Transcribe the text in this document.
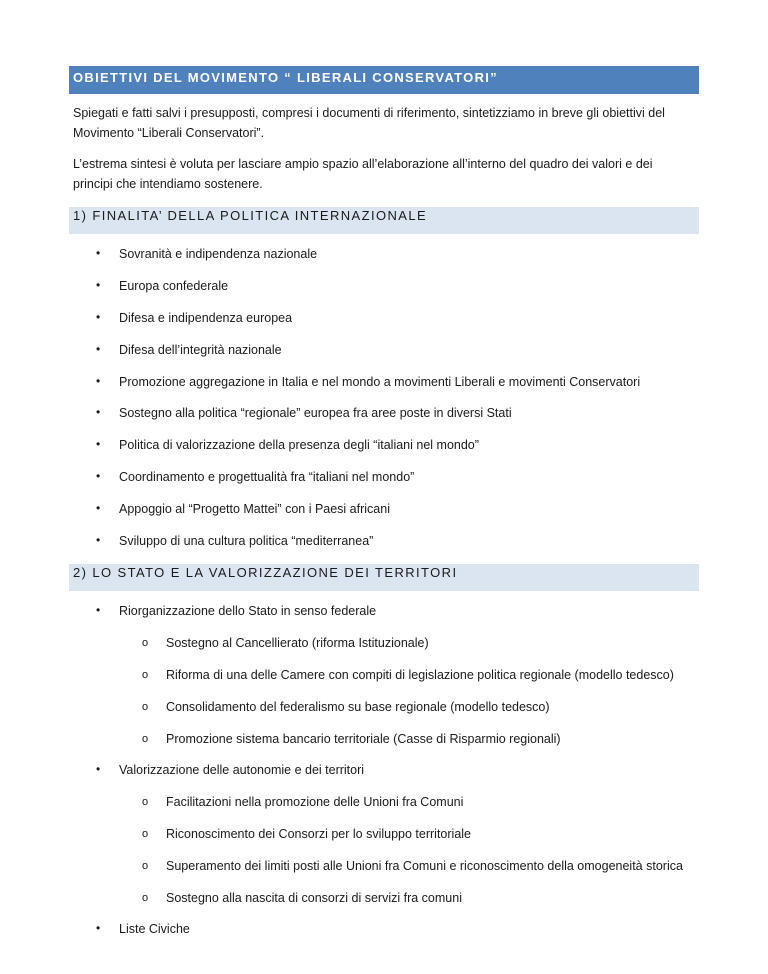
OBIETTIVI DEL MOVIMENTO “ LIBERALI CONSERVATORI”
Spiegati e fatti salvi i presupposti, compresi i documenti di riferimento, sintetizziamo in breve gli obiettivi del Movimento “Liberali Conservatori”.
L’estrema sintesi è voluta per lasciare ampio spazio all’elaborazione all’interno del quadro dei valori e dei principi che intendiamo sostenere.
1) FINALITA’ DELLA POLITICA INTERNAZIONALE
• Sovranità e indipendenza nazionale
• Europa confederale
• Difesa e indipendenza europea
• Difesa dell’integrità nazionale
• Promozione aggregazione in Italia e nel mondo a movimenti Liberali e movimenti Conservatori
• Sostegno alla politica “regionale” europea fra aree poste in diversi Stati
• Politica di valorizzazione della presenza degli “italiani nel mondo”
• Coordinamento e progettualità fra “italiani nel mondo”
• Appoggio al “Progetto Mattei” con i Paesi africani
• Sviluppo di una cultura politica “mediterranea”
2) LO STATO E LA VALORIZZAZIONE DEI TERRITORI
• Riorganizzazione dello Stato in senso federale
o Sostegno al Cancellierato (riforma Istituzionale)
o Riforma di una delle Camere con compiti di legislazione politica regionale (modello tedesco)
o Consolidamento del federalismo su base regionale (modello tedesco)
o Promozione sistema bancario territoriale (Casse di Risparmio regionali)
• Valorizzazione delle autonomie e dei territori
o Facilitazioni nella promozione delle Unioni fra Comuni
o Riconoscimento dei Consorzi per lo sviluppo territoriale
o Superamento dei limiti posti alle Unioni fra Comuni e riconoscimento della omogeneità storica
o Sostegno alla nascita di consorzi di servizi fra comuni
• Liste Civiche
